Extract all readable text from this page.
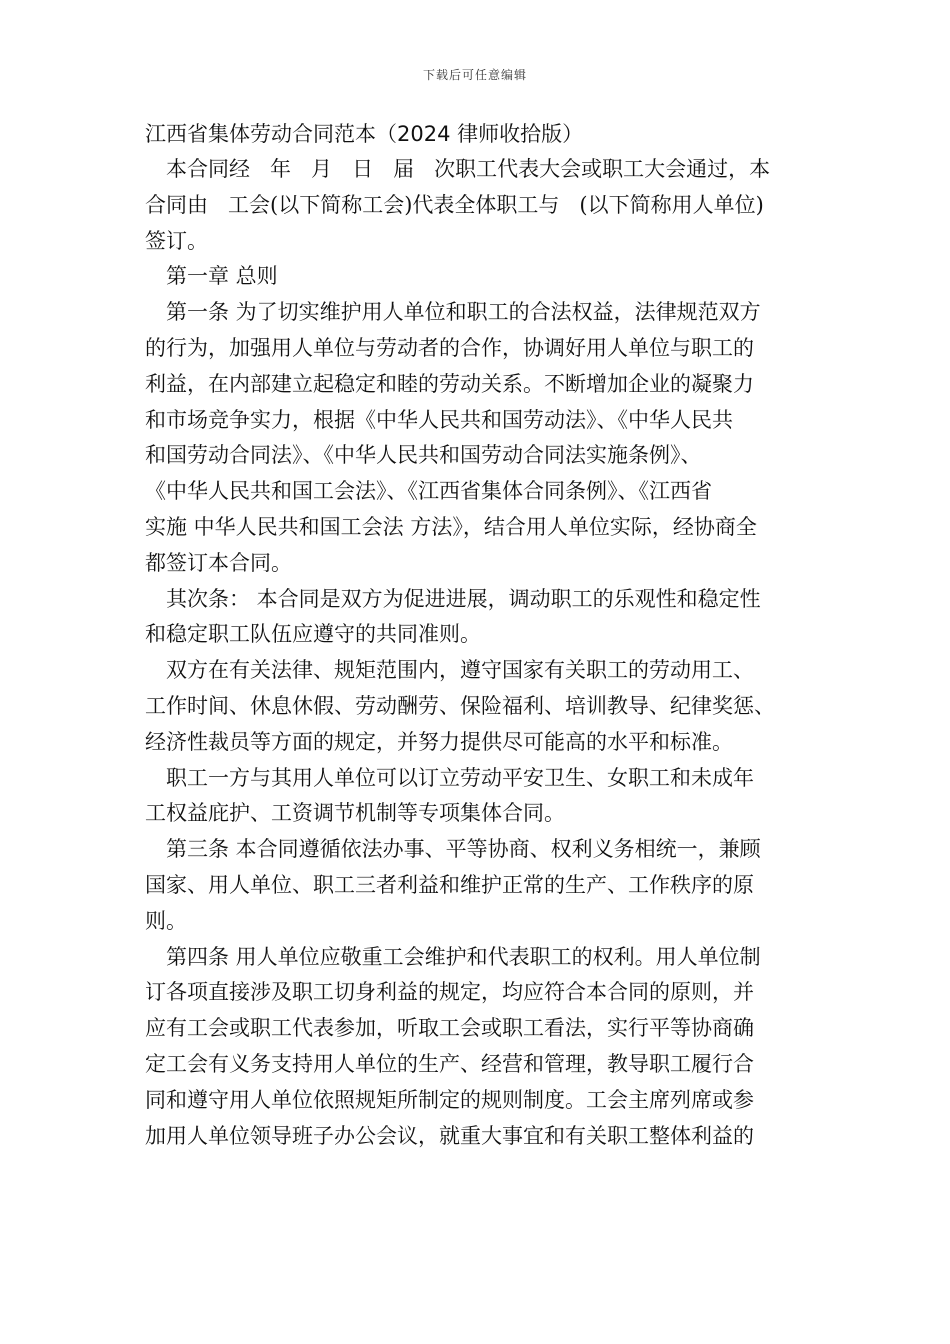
下载后可任意编辑
江西省集体劳动合同范本（2024 律师收拾版）
本合同经   年   月   日   届   次职工代表大会或职工大会通过，本
合同由   工会(以下简称工会)代表全体职工与   (以下简称用人单位)
签订。
第一章 总则
第一条 为了切实维护用人单位和职工的合法权益，法律规范双方
的行为，加强用人单位与劳动者的合作，协调好用人单位与职工的
利益，在内部建立起稳定和睦的劳动关系。不断增加企业的凝聚力
和市场竞争实力，根据《中华人民共和国劳动法》、《中华人民共
和国劳动合同法》、《中华人民共和国劳动合同法实施条例》、
《中华人民共和国工会法》、《江西省集体合同条例》、《江西省
实施 中华人民共和国工会法 方法》，结合用人单位实际，经协商全
都签订本合同。
其次条： 本合同是双方为促进进展，调动职工的乐观性和稳定性
和稳定职工队伍应遵守的共同准则。
双方在有关法律、规矩范围内，遵守国家有关职工的劳动用工、
工作时间、休息休假、劳动酬劳、保险福利、培训教导、纪律奖惩、
经济性裁员等方面的规定，并努力提供尽可能高的水平和标准。
职工一方与其用人单位可以订立劳动平安卫生、女职工和未成年
工权益庇护、工资调节机制等专项集体合同。
第三条 本合同遵循依法办事、平等协商、权利义务相统一，兼顾
国家、用人单位、职工三者利益和维护正常的生产、工作秩序的原
则。
第四条 用人单位应敬重工会维护和代表职工的权利。用人单位制
订各项直接涉及职工切身利益的规定，均应符合本合同的原则，并
应有工会或职工代表参加，听取工会或职工看法，实行平等协商确
定工会有义务支持用人单位的生产、经营和管理，教导职工履行合
同和遵守用人单位依照规矩所制定的规则制度。工会主席列席或参
加用人单位领导班子办公会议，就重大事宜和有关职工整体利益的
